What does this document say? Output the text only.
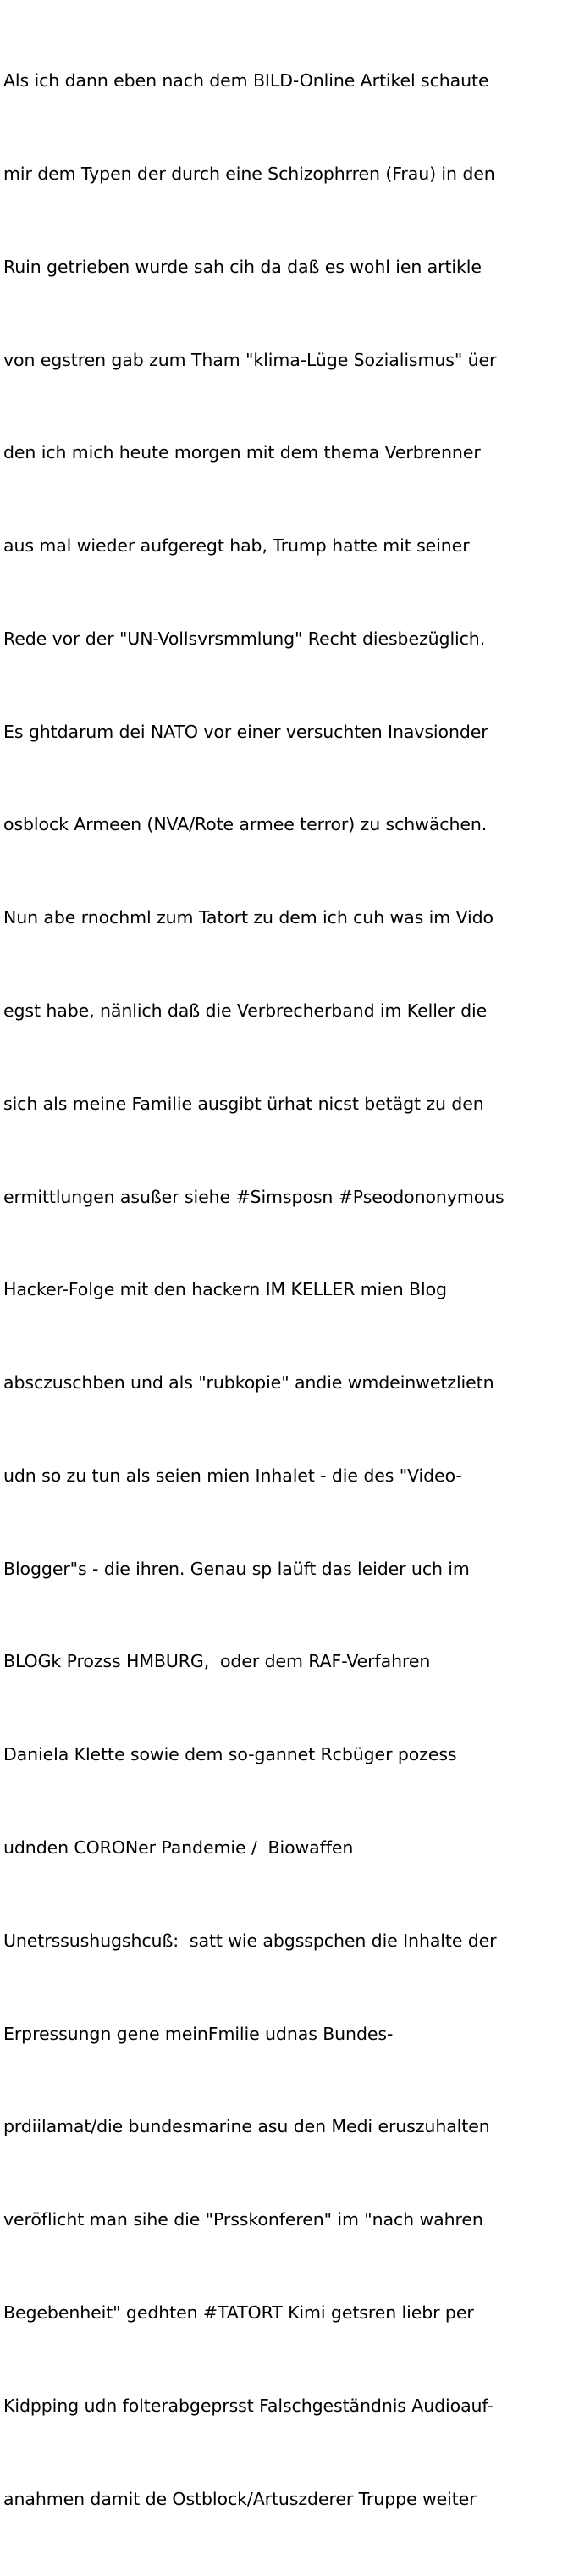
Als ich dann eben nach dem BILD-Online Artikel schaute

mir dem Typen der durch eine Schizophrren (Frau) in den

Ruin getrieben wurde sah cih da daß es wohl ien artikle

von egstren gab zum Tham "klima-Lüge Sozialismus" üer

den ich mich heute morgen mit dem thema Verbrenner

aus mal wieder aufgeregt hab, Trump hatte mit seiner

Rede vor der "UN-Vollsvrsmmlung" Recht diesbezüglich.

Es ghtdarum dei NATO vor einer versuchten Inavsionder

osblock Armeen (NVA/Rote armee terror) zu schwächen.

Nun abe rnochml zum Tatort zu dem ich cuh was im Vido

egst habe, nänlich daß die Verbrecherband im Keller die

sich als meine Familie ausgibt ürhat nicst betägt zu den

ermittlungen asußer siehe #Simsposn #Pseodononymous

Hacker-Folge mit den hackern IM KELLER mien Blog

absczuschben und als "rubkopie" andie wmdeinwetzlietn

udn so zu tun als seien mien Inhalet - die des "Video-

Blogger"s - die ihren. Genau sp laüft das leider uch im

BLOGk Prozss HMBURG,  oder dem RAF-Verfahren

Daniela Klette sowie dem so-gannet Rcbüger pozess

udnden CORONer Pandemie /  Biowaffen

Unetrssushugshcuß:  satt wie abgsspchen die Inhalte der

Erpressungn gene meinFmilie udnas Bundes-

prdiilamat/die bundesmarine asu den Medi eruszuhalten

veröflicht man sihe die "Prsskonferen" im "nach wahren

Begebenheit" gedhten #TATORT Kimi getsren liebr per

Kidpping udn folterabgeprsst Falschgeständnis Audioauf-

anahmen damit de Ostblock/Artuszderer Truppe weiter
